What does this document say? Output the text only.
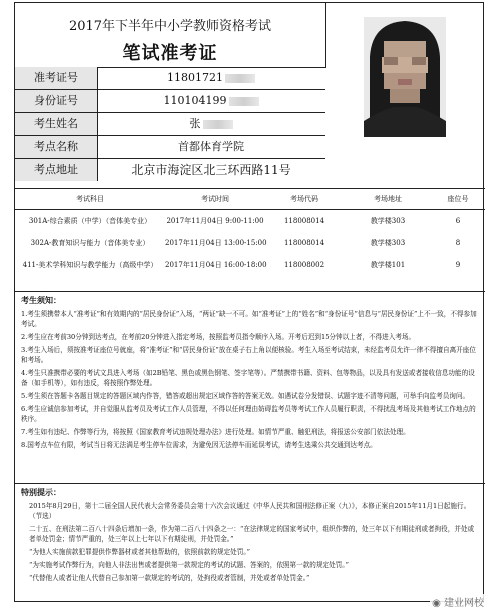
2017年下半年中小学教师资格考试
笔试准考证
准考证号	11801721
身份证号	110104199
考生姓名	张
考点名称	首都体育学院
考点地址	北京市海淀区北三环西路11号
考试科目	考试时间	考场代码	考场地址	座位号
301A-综合素质（中学）（音体美专业）	2017年11月04日 9:00-11:00	118008014	教学楼303	6
302A-教育知识与能力（音体美专业）	2017年11月04日 13:00-15:00	118008014	教学楼303	8
411-美术学科知识与教学能力（高级中学）	2017年11月04日 16:00-18:00	118008002	教学楼101	9
考生须知：

1.考生须携带本人“准考证”和有效期内的“居民身份证”入场，“两证”缺一不可。如“准考证”上的“姓名”和“身份证号”信息与“居民身份证”上不一致，不得参加考试。

2.考生应在考前30分钟到达考点，在考前20分钟进入指定考场，按照监考员指令顺序入场。开考后迟到15分钟以上者，不得进入考场。

3.考生入场后，须按准考证座位号就座，将“准考证”和“居民身份证”放在桌子右上角以便核验。考生入场至考试结束，未经监考员允许一律不得擅自离开座位和考场。

4.考生只准携带必要的考试文具进入考场（如2B铅笔、黑色或黑色钢笔、签字笔等）。严禁携带书籍、资料、包等物品，以及具有发送或者接收信息功能的设备（如手机等），如有违反，将按照作弊处理。

5.考生须在答题卡各题目规定的答题区域内作答，错答或超出规定区域作答的答案无效。如遇试卷分发错误、试题字迹不清等问题，可举手向监考员询问。

6.考生应诚信参加考试，并自觉服从监考员及考试工作人员管理，不得以任何理由妨碍监考员等考试工作人员履行职责，不得扰乱考场及其他考试工作地点的秩序。

7.考生如有违纪、作弊等行为，将按照《国家教育考试违规处理办法》进行处理。如情节严重、触犯刑法，将报送公安部门依法处理。

8.国考点车位有限，考试当日将无法满足考生停车位需求，为避免因无法停车而延误考试，请考生选乘公共交通到达考点。

特别提示：

2015年8月29日，第十二届全国人民代表大会常务委员会第十六次会议通过《中华人民共和国刑法修正案（九）》，本修正案自2015年11月1日起施行。（节选）

二十五、在刑法第二百八十四条后增加一条，作为第二百八十四条之一：“在法律规定的国家考试中，组织作弊的，处三年以下有期徒刑或者拘役，并处或者单处罚金；情节严重的，处三年以上七年以下有期徒刑，并处罚金。”

“为他人实施前款犯罪提供作弊器材或者其他帮助的，依照前款的规定处罚。”

“为实施考试作弊行为，向他人非法出售或者提供第一款规定的考试的试题、答案的，依照第一款的规定处罚。”

“代替他人或者让他人代替自己参加第一款规定的考试的，处拘役或者管制，并处或者单处罚金。”

◉ 建业网校
